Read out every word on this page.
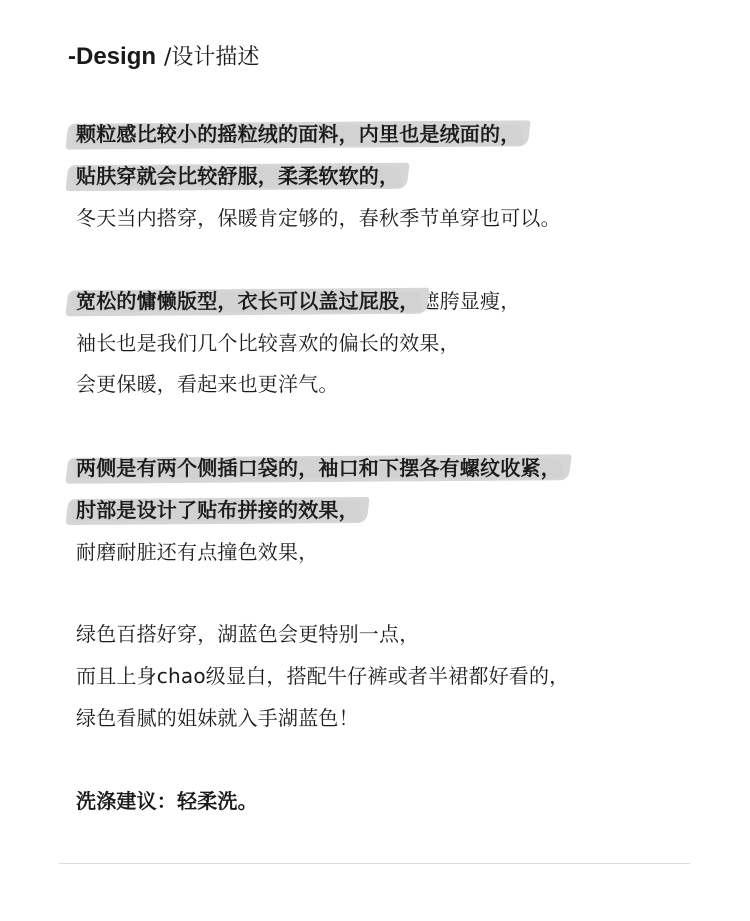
-Design /设计描述
颗粒感比较小的摇粒绒的面料，内里也是绒面的，
贴肤穿就会比较舒服，柔柔软软的，
冬天当内搭穿，保暖肯定够的，春秋季节单穿也可以。
宽松的慵懒版型，衣长可以盖过屁股，遮胯显瘦，
袖长也是我们几个比较喜欢的偏长的效果，
会更保暖，看起来也更洋气。
两侧是有两个侧插口袋的，袖口和下摆各有螺纹收紧，
肘部是设计了贴布拼接的效果，
耐磨耐脏还有点撞色效果，
绿色百搭好穿，湖蓝色会更特别一点，
而且上身chao级显白，搭配牛仔裤或者半裙都好看的，
绿色看腻的姐妹就入手湖蓝色！
洗涤建议：轻柔洗。
